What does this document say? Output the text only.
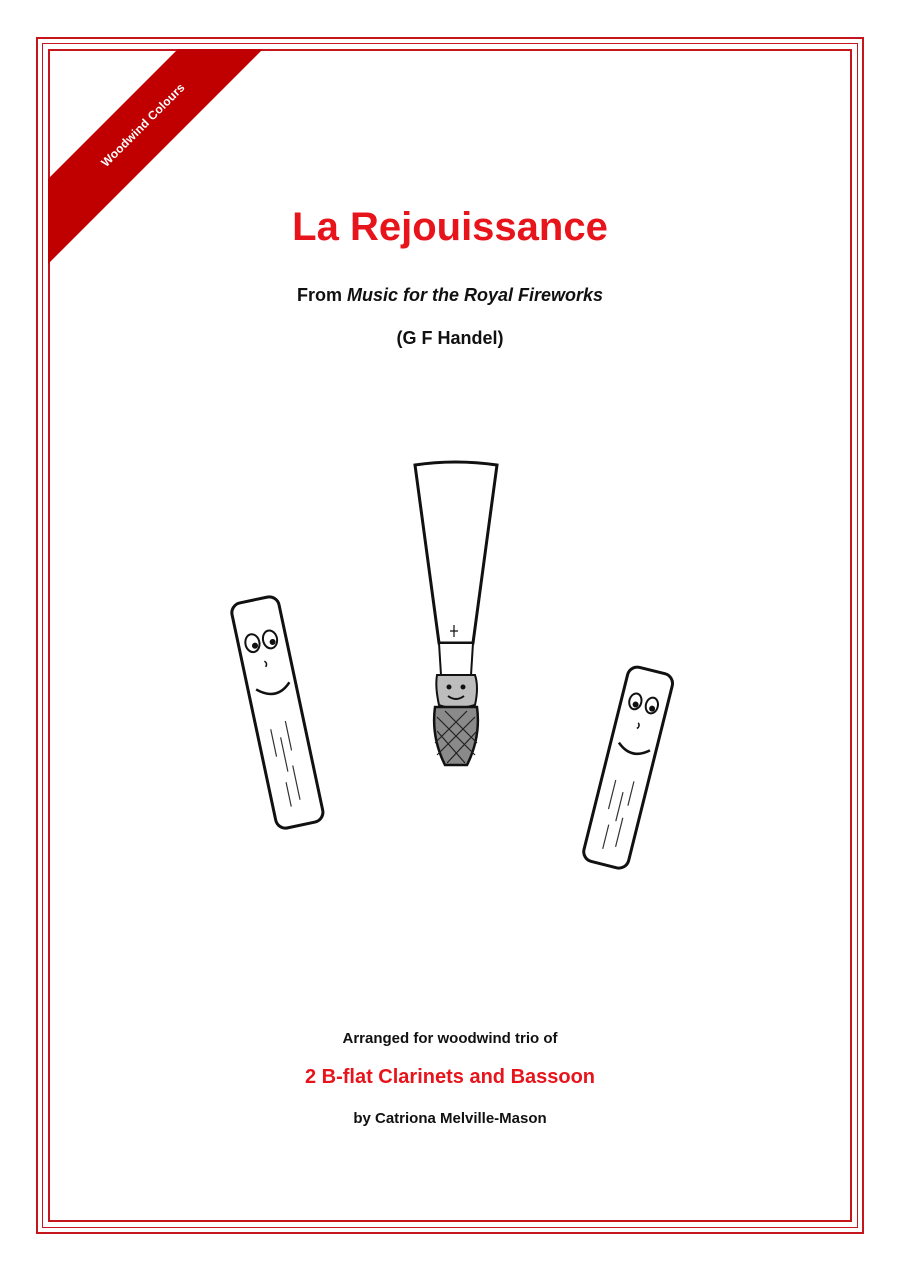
Woodwind Colours
La Rejouissance
From Music for the Royal Fireworks
(G F Handel)
Arranged for woodwind trio of
2 B-flat Clarinets and Bassoon
by Catriona Melville-Mason
